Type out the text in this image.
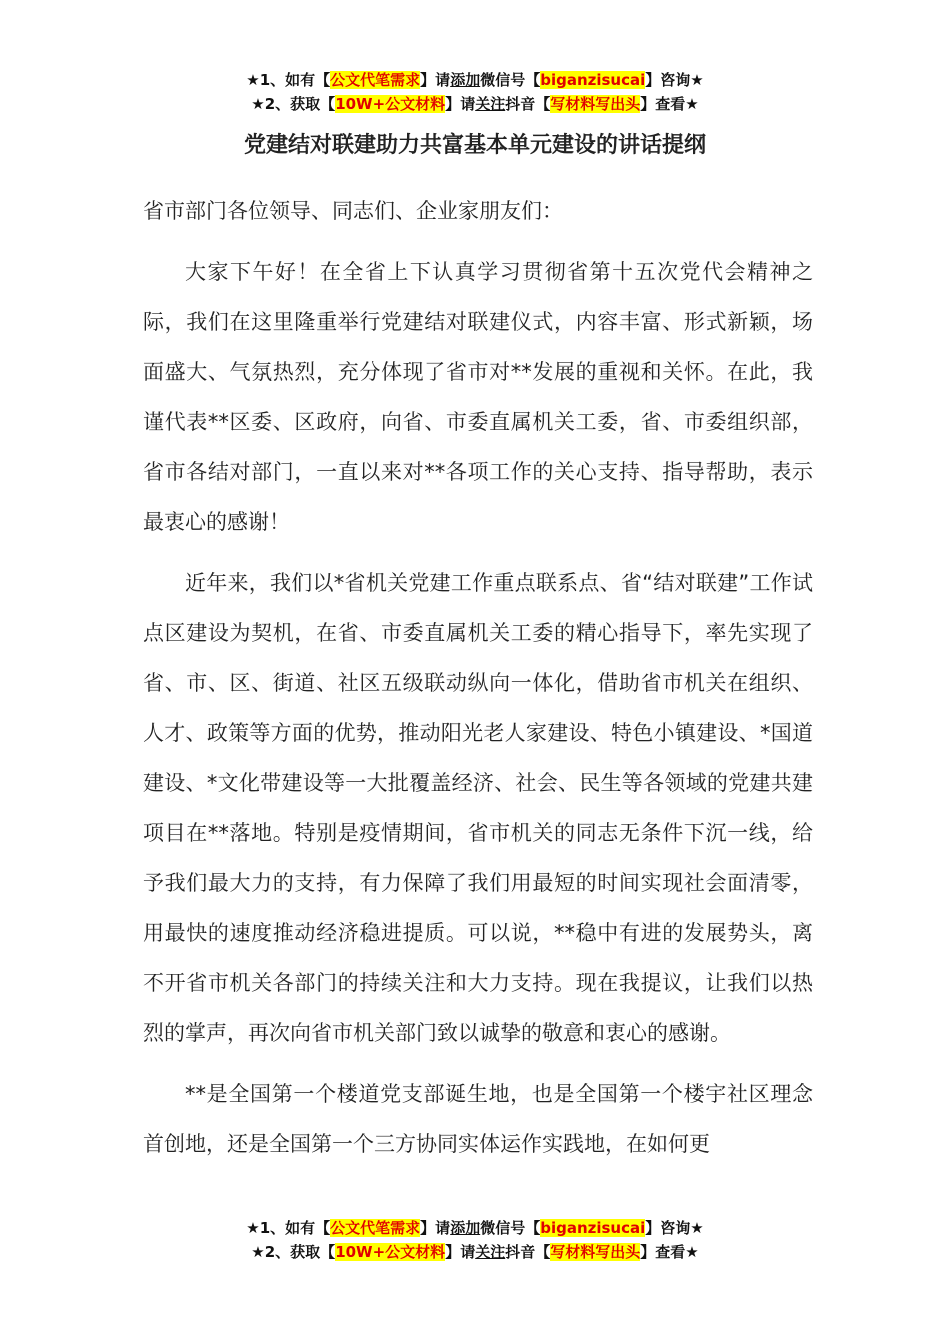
★1、如有【公文代笔需求】请添加微信号【biganzisucai】咨询★
★2、获取【10W+公文材料】请关注抖音【写材料写出头】查看★
党建结对联建助力共富基本单元建设的讲话提纲

省市部门各位领导、同志们、企业家朋友们：

大家下午好！在全省上下认真学习贯彻省第十五次党代会精神之际，我们在这里隆重举行党建结对联建仪式，内容丰富、形式新颖，场面盛大、气氛热烈，充分体现了省市对**发展的重视和关怀。在此，我谨代表**区委、区政府，向省、市委直属机关工委，省、市委组织部，省市各结对部门，一直以来对**各项工作的关心支持、指导帮助，表示最衷心的感谢！

近年来，我们以*省机关党建工作重点联系点、省“结对联建”工作试点区建设为契机，在省、市委直属机关工委的精心指导下，率先实现了省、市、区、街道、社区五级联动纵向一体化，借助省市机关在组织、人才、政策等方面的优势，推动阳光老人家建设、特色小镇建设、*国道建设、*文化带建设等一大批覆盖经济、社会、民生等各领域的党建共建项目在**落地。特别是疫情期间，省市机关的同志无条件下沉一线，给予我们最大力的支持，有力保障了我们用最短的时间实现社会面清零，用最快的速度推动经济稳进提质。可以说，**稳中有进的发展势头，离不开省市机关各部门的持续关注和大力支持。现在我提议，让我们以热烈的掌声，再次向省市机关部门致以诚挚的敬意和衷心的感谢。

**是全国第一个楼道党支部诞生地，也是全国第一个楼宇社区理念首创地，还是全国第一个三方协同实体运作实践地，在如何更

★1、如有【公文代笔需求】请添加微信号【biganzisucai】咨询★
★2、获取【10W+公文材料】请关注抖音【写材料写出头】查看★
